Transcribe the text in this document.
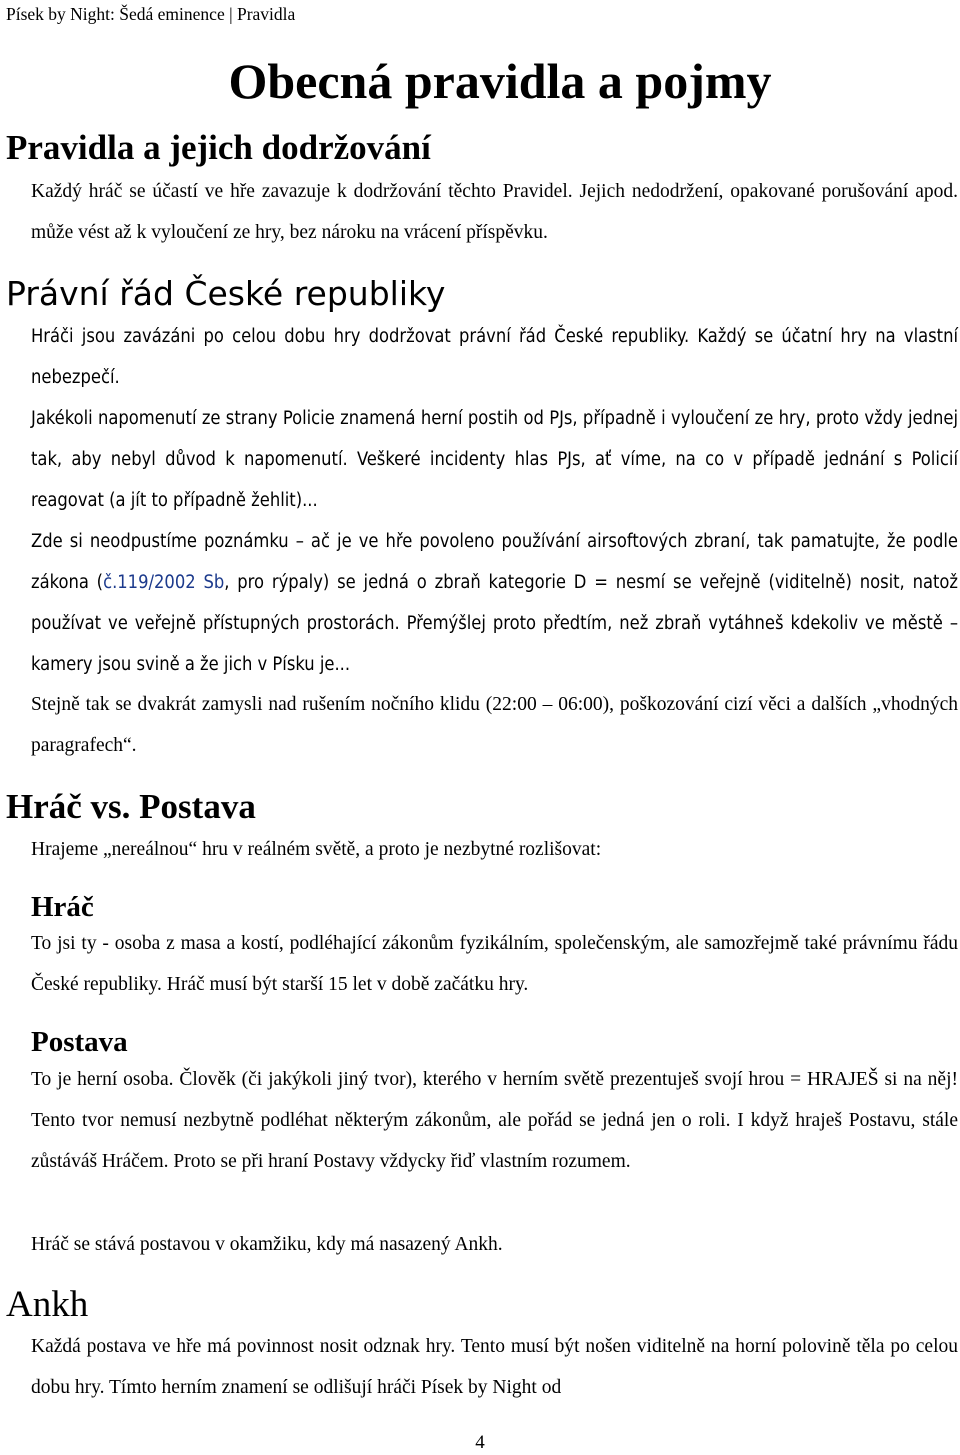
Písek by Night: Šedá eminence | Pravidla
Obecná pravidla a pojmy
Pravidla a jejich dodržování
Každý hráč se účastí ve hře zavazuje k dodržování těchto Pravidel. Jejich nedodržení, opakované porušování apod. může vést až k vyloučení ze hry, bez nároku na vrácení příspěvku.
Právní řád České republiky
Hráči jsou zavázáni po celou dobu hry dodržovat právní řád České republiky. Každý se účatní hry na vlastní nebezpečí.
Jakékoli napomenutí ze strany Policie znamená herní postih od PJs, případně i vyloučení ze hry, proto vždy jednej tak, aby nebyl důvod k napomenutí. Veškeré incidenty hlas PJs, ať víme, na co v případě jednání s Policií reagovat (a jít to případně žehlit)...
Zde si neodpustíme poznámku – ač je ve hře povoleno používání airsoftových zbraní, tak pamatujte, že podle zákona (č.119/2002 Sb, pro rýpaly) se jedná o zbraň kategorie D = nesmí se veřejně (viditelně) nosit, natož používat ve veřejně přístupných prostorách. Přemýšlej proto předtím, než zbraň vytáhneš kdekoliv ve městě – kamery jsou svině a že jich v Písku je...
Stejně tak se dvakrát zamysli nad rušením nočního klidu (22:00 – 06:00), poškozování cizí věci a dalších „vhodných paragrafech“.
Hráč vs. Postava
Hrajeme „nereálnou“ hru v reálném světě, a proto je nezbytné rozlišovat:
Hráč
To jsi ty - osoba z masa a kostí, podléhající zákonům fyzikálním, společenským, ale samozřejmě také právnímu řádu České republiky. Hráč musí být starší 15 let v době začátku hry.
Postava
To je herní osoba. Člověk (či jakýkoli jiný tvor), kterého v herním světě prezentuješ svojí hrou = HRAJEŠ si na něj! Tento tvor nemusí nezbytně podléhat některým zákonům, ale pořád se jedná jen o roli. I když hraješ Postavu, stále zůstáváš Hráčem. Proto se při hraní Postavy vždycky řiď vlastním rozumem.
Hráč se stává postavou v okamžiku, kdy má nasazený Ankh.
Ankh
Každá postava ve hře má povinnost nosit odznak hry. Tento musí být nošen viditelně na horní polovině těla po celou dobu hry. Tímto herním znamení se odlišují hráči Písek by Night od
4
